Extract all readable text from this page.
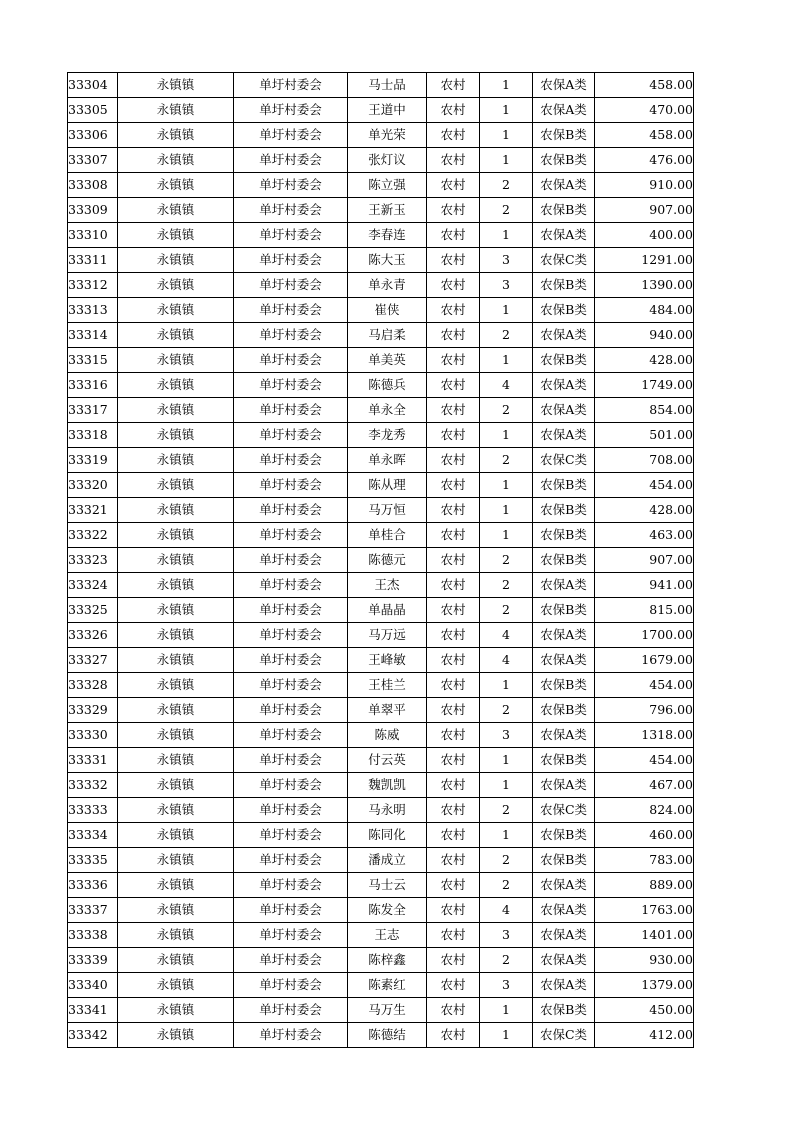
33304	永镇镇	单圩村委会	马士品	农村	1	农保A类	458.00
33305	永镇镇	单圩村委会	王道中	农村	1	农保A类	470.00
33306	永镇镇	单圩村委会	单光荣	农村	1	农保B类	458.00
33307	永镇镇	单圩村委会	张灯议	农村	1	农保B类	476.00
33308	永镇镇	单圩村委会	陈立强	农村	2	农保A类	910.00
33309	永镇镇	单圩村委会	王新玉	农村	2	农保B类	907.00
33310	永镇镇	单圩村委会	李春连	农村	1	农保A类	400.00
33311	永镇镇	单圩村委会	陈大玉	农村	3	农保C类	1291.00
33312	永镇镇	单圩村委会	单永青	农村	3	农保B类	1390.00
33313	永镇镇	单圩村委会	崔侠	农村	1	农保B类	484.00
33314	永镇镇	单圩村委会	马启柔	农村	2	农保A类	940.00
33315	永镇镇	单圩村委会	单美英	农村	1	农保B类	428.00
33316	永镇镇	单圩村委会	陈德兵	农村	4	农保A类	1749.00
33317	永镇镇	单圩村委会	单永全	农村	2	农保A类	854.00
33318	永镇镇	单圩村委会	李龙秀	农村	1	农保A类	501.00
33319	永镇镇	单圩村委会	单永晖	农村	2	农保C类	708.00
33320	永镇镇	单圩村委会	陈从理	农村	1	农保B类	454.00
33321	永镇镇	单圩村委会	马万恒	农村	1	农保B类	428.00
33322	永镇镇	单圩村委会	单桂合	农村	1	农保B类	463.00
33323	永镇镇	单圩村委会	陈德元	农村	2	农保B类	907.00
33324	永镇镇	单圩村委会	王杰	农村	2	农保A类	941.00
33325	永镇镇	单圩村委会	单晶晶	农村	2	农保B类	815.00
33326	永镇镇	单圩村委会	马万远	农村	4	农保A类	1700.00
33327	永镇镇	单圩村委会	王峰敏	农村	4	农保A类	1679.00
33328	永镇镇	单圩村委会	王桂兰	农村	1	农保B类	454.00
33329	永镇镇	单圩村委会	单翠平	农村	2	农保B类	796.00
33330	永镇镇	单圩村委会	陈威	农村	3	农保A类	1318.00
33331	永镇镇	单圩村委会	付云英	农村	1	农保B类	454.00
33332	永镇镇	单圩村委会	魏凯凯	农村	1	农保A类	467.00
33333	永镇镇	单圩村委会	马永明	农村	2	农保C类	824.00
33334	永镇镇	单圩村委会	陈同化	农村	1	农保B类	460.00
33335	永镇镇	单圩村委会	潘成立	农村	2	农保B类	783.00
33336	永镇镇	单圩村委会	马士云	农村	2	农保A类	889.00
33337	永镇镇	单圩村委会	陈发全	农村	4	农保A类	1763.00
33338	永镇镇	单圩村委会	王志	农村	3	农保A类	1401.00
33339	永镇镇	单圩村委会	陈梓鑫	农村	2	农保A类	930.00
33340	永镇镇	单圩村委会	陈素红	农村	3	农保A类	1379.00
33341	永镇镇	单圩村委会	马万生	农村	1	农保B类	450.00
33342	永镇镇	单圩村委会	陈德结	农村	1	农保C类	412.00
